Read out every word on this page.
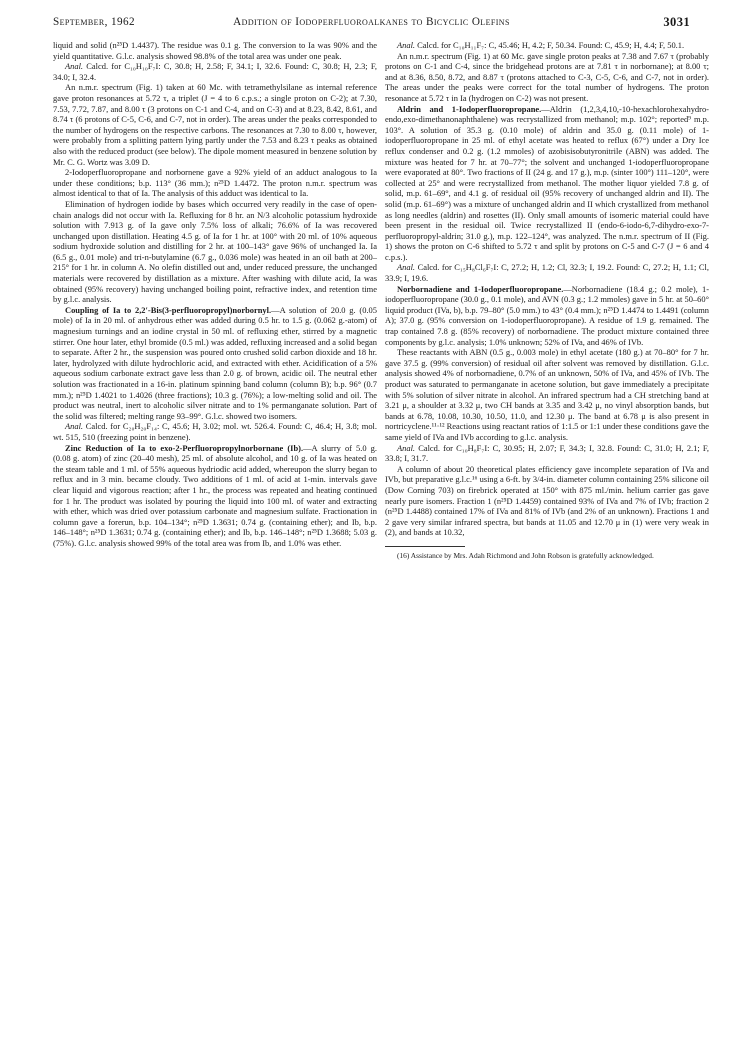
September, 1962	Addition of Iodoperfluoroalkanes to Bicyclic Olefins	3031

liquid and solid (n²⁵D 1.4437). The residue was 0.1 g. The conversion to Ia was 90% and the yield quantitative. G.l.c. analysis showed 98.8% of the total area was under one peak.

Anal. Calcd. for C₁₀H₁₀F₇I: C, 30.8; H, 2.58; F, 34.1; I, 32.6. Found: C, 30.8; H, 2.3; F, 34.0; I, 32.4.

An n.m.r. spectrum (Fig. 1) taken at 60 Mc. with tetramethylsilane as internal reference gave proton resonances at 5.72 τ, a triplet (J = 4 to 6 c.p.s.; a single proton on C-2); at 7.30, 7.53, 7.72, 7.87, and 8.00 τ (3 protons on C-1 and C-4, and on C-3) and at 8.23, 8.42, 8.61, and 8.74 τ (6 protons of C-5, C-6, and C-7, not in order). The areas under the peaks corresponded to the number of hydrogens on the respective carbons. The resonances at 7.30 to 8.00 τ, however, were probably from a splitting pattern lying partly under the 7.53 and 8.23 τ peaks as obtained also with the reduced product (see below). The dipole moment measured in benzene solution by Mr. C. G. Wortz was 3.09 D.

2-Iodoperfluoropropane and norbornene gave a 92% yield of an adduct analogous to Ia under these conditions; b.p. 113° (36 mm.); n²⁵D 1.4472. The proton n.m.r. spectrum was almost identical to that of Ia. The analysis of this adduct was identical to Ia.

Elimination of hydrogen iodide by bases which occurred very readily in the case of open-chain analogs did not occur with Ia. Refluxing for 8 hr. an N/3 alcoholic potassium hydroxide solution with 7.913 g. of Ia gave only 7.5% loss of alkali; 76.6% of Ia was recovered unchanged upon distillation. Heating 4.5 g. of Ia for 1 hr. at 100° with 20 ml. of 10% aqueous sodium hydroxide solution and distilling for 2 hr. at 100–143° gave 96% of unchanged Ia. Ia (6.5 g., 0.01 mole) and tri-n-butylamine (6.7 g., 0.036 mole) was heated in an oil bath at 200–215° for 1 hr. in column A. No olefin distilled out and, under reduced pressure, the unchanged materials were recovered by distillation as a mixture. After washing with dilute acid, Ia was obtained (95% recovery) having unchanged boiling point, refractive index, and retention time by g.l.c. analysis.

Coupling of Ia to 2,2′-Bis(3-perfluoropropyl)norbornyl.—A solution of 20.0 g. (0.05 mole) of Ia in 20 ml. of anhydrous ether was added during 0.5 hr. to 1.5 g. (0.062 g.-atom) of magnesium turnings and an iodine crystal in 50 ml. of refluxing ether, stirred by a magnetic stirrer. One hour later, ethyl bromide (0.5 ml.) was added, refluxing increased and a solid began to separate. After 2 hr., the suspension was poured onto crushed solid carbon dioxide and 18 hr. later, hydrolyzed with dilute hydrochloric acid, and extracted with ether. Acidification of a 5% aqueous sodium carbonate extract gave less than 2.0 g. of brown, acidic oil. The neutral ether solution was fractionated in a 16-in. platinum spinning band column (column B); b.p. 96° (0.7 mm.); n²⁵D 1.4021 to 1.4026 (three fractions); 10.3 g. (76%); a low-melting solid and oil. The product was neutral, inert to alcoholic silver nitrate and to 1% permanganate solution. Part of the solid was filtered; melting range 93–99°. G.l.c. showed two isomers.

Anal. Calcd. for C₂₀H₂₀F₁₄: C, 45.6; H, 3.02; mol. wt. 526.4. Found: C, 46.4; H, 3.8; mol. wt. 515, 510 (freezing point in benzene).

Zinc Reduction of Ia to exo-2-Perfluoropropylnorbornane (Ib).—A slurry of 5.0 g. (0.08 g. atom) of zinc (20–40 mesh), 25 ml. of absolute alcohol, and 10 g. of Ia was heated on the steam table and 1 ml. of 55% aqueous hydriodic acid added, whereupon the slurry began to reflux and in 3 min. became cloudy. Two additions of 1 ml. of acid at 1-min. intervals gave clear liquid and vigorous reaction; after 1 hr., the process was repeated and heating continued for 1 hr. The product was isolated by pouring the liquid into 100 ml. of water and extracting with ether, which was dried over potassium carbonate and magnesium sulfate. Fractionation in column gave a forerun, b.p. 104–134°; n²⁵D 1.3631; 0.74 g. (containing ether); and Ib, b.p. 146–148°; n²⁵D 1.3631; 0.74 g. (containing ether); and Ib, b.p. 146–148°; n²⁵D 1.3688; 5.03 g. (75%). G.l.c. analysis showed 99% of the total area was from Ib, and 1.0% was ether.

Anal. Calcd. for C₁₀H₁₁F₇: C, 45.46; H, 4.2; F, 50.34. Found: C, 45.9; H, 4.4; F, 50.1.

An n.m.r. spectrum (Fig. 1) at 60 Mc. gave single proton peaks at 7.38 and 7.67 τ (probably protons on C-1 and C-4, since the bridgehead protons are at 7.81 τ in norbornane); at 8.00 τ; and at 8.36, 8.50, 8.72, and 8.87 τ (protons attached to C-3, C-5, C-6, and C-7, not in order). The areas under the peaks were correct for the total number of hydrogens. The proton resonance at 5.72 τ in Ia (hydrogen on C-2) was not present.

Aldrin and 1-Iodoperfluoropropane.—Aldrin (1,2,3,4,10,-10-hexachlorohexahydro-endo,exo-dimethanonaphthalene) was recrystallized from methanol; m.p. 102°; reported⁹ m.p. 103°. A solution of 35.3 g. (0.10 mole) of aldrin and 35.0 g. (0.11 mole) of 1-iodoperfluoropropane in 25 ml. of ethyl acetate was heated to reflux (67°) under a Dry Ice reflux condenser and 0.2 g. (1.2 mmoles) of azobisisobutyronitrile (ABN) was added. The mixture was heated for 7 hr. at 70–77°; the solvent and unchanged 1-iodoperfluoropropane were evaporated at 80°. Two fractions of II (24 g. and 17 g.), m.p. (sinter 100°) 111–120°, were collected at 25° and were recrystallized from methanol. The mother liquor yielded 7.8 g. of solid, m.p. 61–69°, and 4.1 g. of residual oil (95% recovery of unchanged aldrin and II). The solid (m.p. 61–69°) was a mixture of unchanged aldrin and II which crystallized from methanol as long needles (aldrin) and rosettes (II). Only small amounts of isomeric material could have been present in the residual oil. Twice recrystallized II (endo-6-iodo-6,7-dihydro-exo-7-perfluoropropyl-aldrin; 31.0 g.), m.p. 122–124°, was analyzed. The n.m.r. spectrum of II (Fig. 1) shows the proton on C-6 shifted to 5.72 τ and split by protons on C-5 and C-7 (J = 6 and 4 c.p.s.).

Anal. Calcd. for C₁₅H₈Cl₆F₇I: C, 27.2; H, 1.2; Cl, 32.3; I, 19.2. Found: C, 27.2; H, 1.1; Cl, 33.9; I, 19.6.

Norbornadiene and 1-Iodoperfluoropropane.—Norbornadiene (18.4 g.; 0.2 mole), 1-iodoperfluoropropane (30.0 g., 0.1 mole), and AVN (0.3 g.; 1.2 mmoles) gave in 5 hr. at 50–60° liquid product (IVa, b), b.p. 79–80° (5.0 mm.) to 43° (0.4 mm.); n²⁵D 1.4474 to 1.4491 (column A); 37.0 g. (95% conversion on 1-iodoperfluoropropane). A residue of 1.9 g. remained. The trap contained 7.8 g. (85% recovery) of norbornadiene. The product mixture contained three components by g.l.c. analysis; 1.0% unknown; 52% of IVa, and 46% of IVb.

These reactants with ABN (0.5 g., 0.003 mole) in ethyl acetate (180 g.) at 70–80° for 7 hr. gave 37.5 g. (99% conversion) of residual oil after solvent was removed by distillation. G.l.c. analysis showed 4% of norbornadiene, 0.7% of an unknown, 50% of IVa, and 45% of IVb. The product was saturated to permanganate in acetone solution, but gave immediately a precipitate with 5% solution of silver nitrate in alcohol. An infrared spectrum had a CH stretching band at 3.21 μ, a shoulder at 3.32 μ, two CH bands at 3.35 and 3.42 μ, no vinyl absorption bands, but bands at 6.78, 10.08, 10.30, 10.50, 11.0, and 12.30 μ. The band at 6.78 μ is also present in nortricyclene.¹¹·¹² Reactions using reactant ratios of 1:1.5 or 1:1 under these conditions gave the same yield of IVa and IVb according to g.l.c. analysis.

Anal. Calcd. for C₁₀H₈F₇I: C, 30.95; H, 2.07; F, 34.3; I, 32.8. Found: C, 31.0; H, 2.1; F, 33.8; I, 31.7.

A column of about 20 theoretical plates efficiency gave incomplete separation of IVa and IVb, but preparative g.l.c.¹⁶ using a 6-ft. by 3/4-in. diameter column containing 25% silicone oil (Dow Corning 703) on firebrick operated at 150° with 875 ml./min. helium carrier gas gave nearly pure isomers. Fraction 1 (n²⁵D 1.4459) contained 93% of IVa and 7% of IVb; fraction 2 (n²⁵D 1.4488) contained 17% of IVa and 81% of IVb (and 2% of an unknown). Fractions 1 and 2 gave very similar infrared spectra, but bands at 11.05 and 12.70 μ in (1) were very weak in (2), and bands at 10.32,

(16) Assistance by Mrs. Adah Richmond and John Robson is gratefully acknowledged.
